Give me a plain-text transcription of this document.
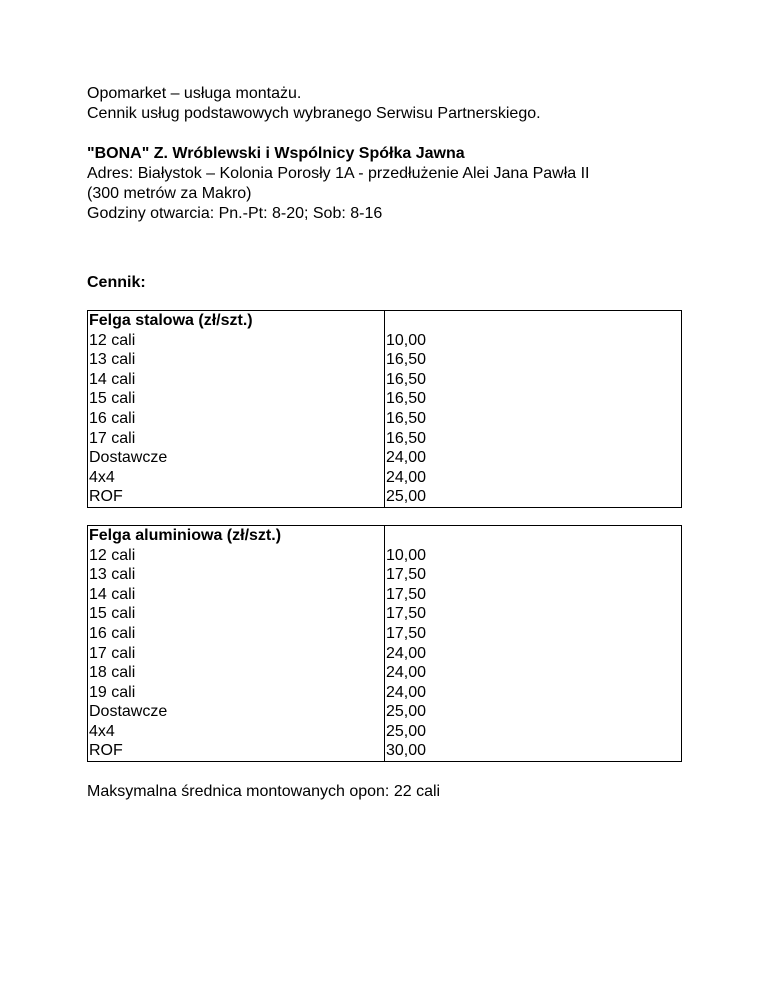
Opomarket – usługa montażu.
Cennik usług podstawowych wybranego Serwisu Partnerskiego.
"BONA" Z. Wróblewski i Wspólnicy Spółka Jawna
Adres: Białystok – Kolonia Porosły 1A - przedłużenie Alei Jana Pawła II
(300 metrów za Makro)
Godziny otwarcia: Pn.-Pt: 8-20; Sob: 8-16
Cennik:
Felga stalowa (zł/szt.)	
12 cali	10,00
13 cali	16,50
14 cali	16,50
15 cali	16,50
16 cali	16,50
17 cali	16,50
Dostawcze	24,00
4x4	24,00
ROF	25,00
Felga aluminiowa (zł/szt.)	
12 cali	10,00
13 cali	17,50
14 cali	17,50
15 cali	17,50
16 cali	17,50
17 cali	24,00
18 cali	24,00
19 cali	24,00
Dostawcze	25,00
4x4	25,00
ROF	30,00
Maksymalna średnica montowanych opon: 22 cali
